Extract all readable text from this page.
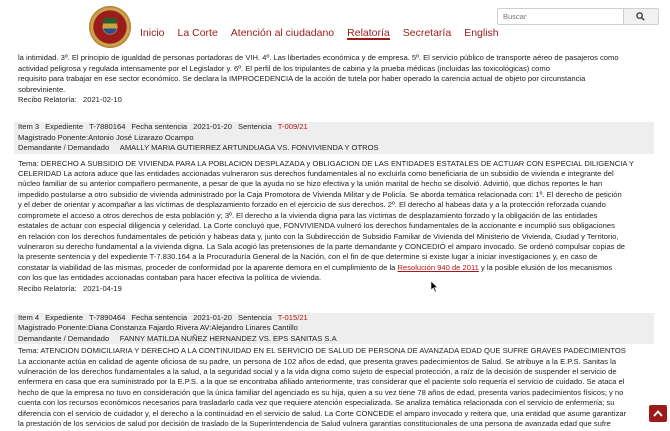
Inicio La Corte Atención al ciudadano Relatoría Secretaría English
Buscar
la intimidad. 3º. El principio de igualdad de personas portadoras de VIH. 4º. Las libertades económica y de empresa. 5º. El servicio público de transporte aéreo de pasajeros como
actividad peligrosa y regulada intensamente por el Legislador y. 6º. El perfil de los tripulantes de cabina y la prueba médicas (incluidas las toxicológicas) como
requisito para trabajar en ese sector económico. Se declara la IMPROCEDENCIA de la acción de tutela por haber operado la carencia actual de objeto por circunstancia
sobreviniente.
Recibo Relatoría: 2021-02-10
Item 3 Expediente T-7880164 Fecha sentencia 2021-01-20 Sentencia T-009/21
Magistrado Ponente:Antonio José Lizarazo Ocampo
Demandante / Demandado AMALLY MARIA GUTIERREZ ARTUNDUAGA VS. FONVIVIENDA Y OTROS
Tema: DERECHO A SUBSIDIO DE VIVIENDA PARA LA POBLACION DESPLAZADA y OBLIGACION DE LAS ENTIDADES ESTATALES DE ACTUAR CON ESPECIAL DILIGENCIA Y
CELERIDAD La actora aduce que las entidades accionadas vulneraron sus derechos fundamentales al no excluirla como beneficiaria de un subsidio de vivienda e integrante del
núcleo familiar de su anterior compañero permanente, a pesar de que la ayuda no se hizo efectiva y la unión marital de hecho se disolvió. Advirtió, que dichos reportes le han
impedido postularse a otro subsidio de vivienda administrado por la Caja Promotora de Vivienda Militar y de Policía. Se aborda temática relacionada con: 1º. El derecho de petición
y el deber de orientar y acompañar a las víctimas de desplazamiento forzado en el ejercicio de sus derechos. 2º. El derecho al habeas data y a la protección reforzada cuando
compromete el acceso a otros derechos de esta población y; 3º. El derecho a la vivienda digna para las víctimas de desplazamiento forzado y la obligación de las entidades
estatales de actuar con especial diligencia y celeridad. La Corte concluyó que, FONVIVIENDA vulneró los derechos fundamentales de la accionante e incumplió sus obligaciones
en relación con los derechos fundamentales de petición y habeas data y, junto con la Subdirección de Subsidio Familiar de Vivienda del Ministerio de Vivienda, Ciudad y Territorio,
vulneraron su derecho fundamental a la vivienda digna. La Sala acogió las pretensiones de la parte demandante y CONCEDIÓ el amparo invocado. Se ordenó compulsar copias de
la presente sentencia y del expediente T-7.830.164 a la Procuraduría General de la Nación, con el fin de que determine si existe lugar a iniciar investigaciones y, en caso de
constatar la viabilidad de las mismas, proceder de conformidad por la aparente demora en el cumplimiento de la Resolución 940 de 2011 y la posible elusión de los mecanismos
con los que las entidades accionadas contaban para hacer efectiva la política de vivienda.
Recibo Relatoría: 2021-04-19
Item 4 Expediente T-7890464 Fecha sentencia 2021-01-20 Sentencia T-015/21
Magistrado Ponente:Diana Constanza Fajardo Rivera AV:Alejandro Linares Cantillo
Demandante / Demandado FANNY MATILDA NUÑEZ HERNANDEZ VS. EPS SANITAS S.A
Tema: ATENCION DOMICILIARIA Y DERECHO A LA CONTINUIDAD EN EL SERVICIO DE SALUD DE PERSONA DE AVANZADA EDAD QUE SUFRE GRAVES PADECIMIENTOS
La accionante actúa en calidad de agente oficiosa de su padre, un persona de 102 años de edad, que presenta graves padecimientos de Salud. Se atribuye a la E.P.S. Sanitas la
vulneración de los derechos fundamentales a la salud, a la seguridad social y a la vida digna como sujeto de especial protección, a raíz de la decisión de suspender el servicio de
enfermera en casa que era suministrado por la E.P.S. a la que se encontraba afiliado anteriormente, tras considerar que el paciente solo requería el servicio de cuidado. Se ataca el
hecho de que la empresa no tuvo en consideración que la única familiar del agenciado es su hija, quien a su vez tiene 78 años de edad, presenta varios padecimientos físicos; y no
cuenta con los recursos económicos necesarios para trasladarlo cada vez que requiere atención especializada. Se analiza temática relacionada con el servicio de enfermería; su
diferencia con el servicio de cuidador y, el derecho a la continuidad en el servicio de salud. La Corte CONCEDE el amparo invocado y reitera que, una entidad que asume garantizar
la prestación de los servicios de salud por decisión de traslado de la Superintendencia de Salud vulnera garantías constitucionales de una persona de avanzada edad que sufre
